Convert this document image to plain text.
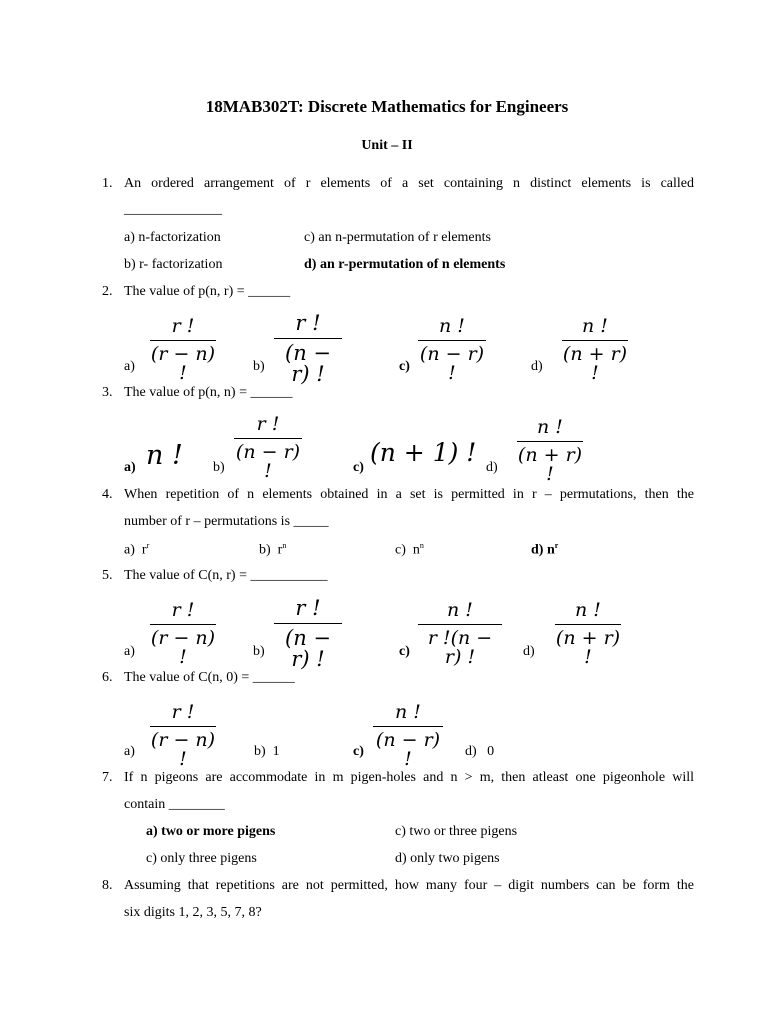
18MAB302T: Discrete Mathematics for Engineers
Unit – II
1. An ordered arrangement of r elements of a set containing n distinct elements is called
______________
a) n-factorization	c) an n-permutation of r elements
b) r- factorization	d) an r-permutation of n elements
2. The value of p(n, r) = ______
$a) \frac{r !}{(r - n) !}$	$b) \frac{r !}{(n - r) !}$	$c) \frac{n !}{(n - r) !}$	$d) \frac{n !}{(n + r) !}$
3. The value of p(n, n) = ______
a) n ! $b) \frac{r !}{(n - r) !}$	c)
(n + 1) !
$d) \frac{n !}{(n + r) !}$
4. When repetition of n elements obtained in a set is permitted in r – permutations, then the
number of r – permutations is _____
a) $r^r$	b) $r^n$	c) $n^n$	d) $n^r$
5. The value of C(n, r) = ___________
$a) \frac{r !}{(r - n) !}$	$b) \frac{r !}{(n - r) !}$	$c) \frac{n !}{r !(n - r) !} d) \frac{n !}{(n + r) !}$
6. The value of C(n, 0) = ______
$a) \frac{r !}{(r - n) !}$	b) 1	$c) \frac{n !}{(n - r) !} d$) 0
7. If n pigeons are accommodate in m pigen-holes and n > m, then atleast one pigeonhole will
contain ________
a) two or more pigens	c) two or three pigens
c) only three pigens	d) only two pigens
8. Assuming that repetitions are not permitted, how many four – digit numbers can be form the
six digits 1, 2, 3, 5, 7, 8?
